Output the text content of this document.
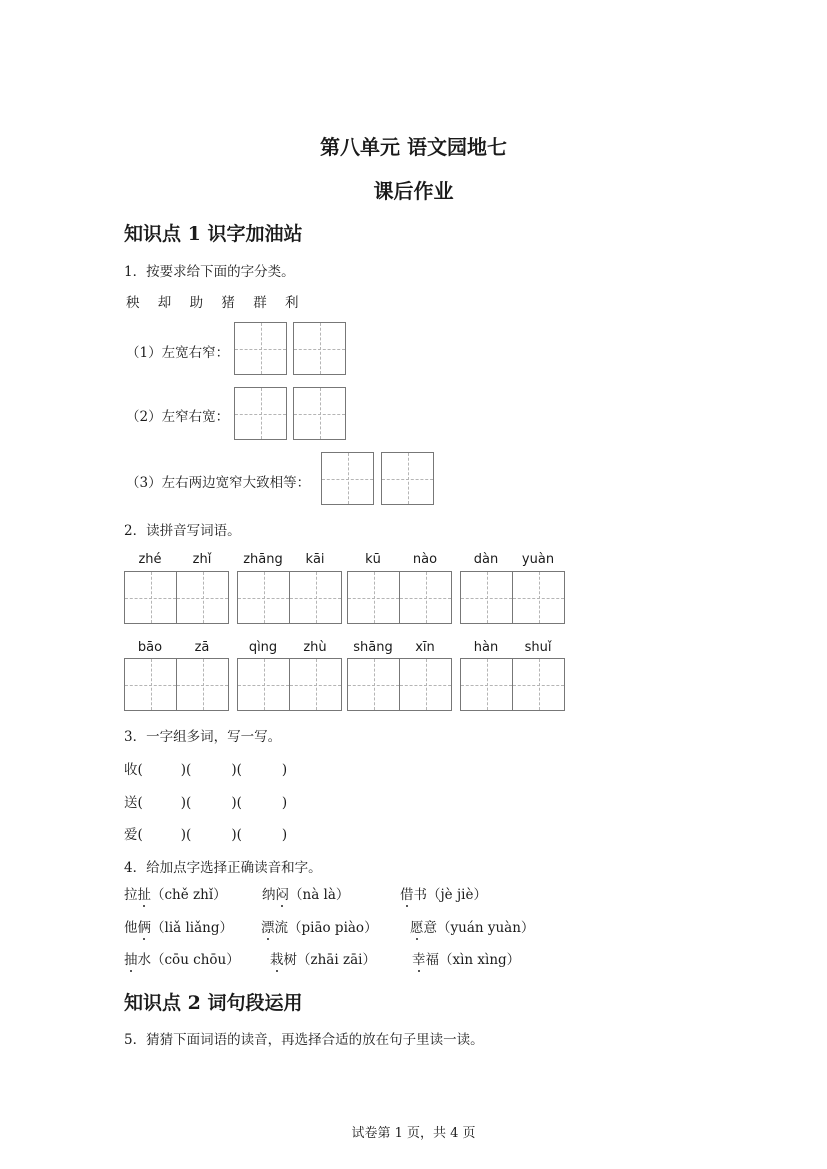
第八单元 语文园地七
课后作业
知识点 1 识字加油站
1．按要求给下面的字分类。
秧 却 助 猪 群 利
（1）左宽右窄：
（2）左窄右宽：
（3）左右两边宽窄大致相等：
2．读拼音写词语。
zhé	zhǐ	zhāng	kāi	kū	nào	dàn	yuàn
bāo	zā	qìng	zhù	shāng	xīn	hàn	shuǐ
3．一字组多词，写一写。
收(	)(	)(	)
送(	)(	)(	)
爱(	)(	)(	)
4．给加点字选择正确读音和字。
拉扯（chě zhǐ）	纳闷（nà là）	借书（jè jiè）
他俩（liǎ liǎng） 漂流（piāo piào） 愿意（yuán yuàn）
抽水（cōu chōu） 栽树（zhāi zāi）	幸福（xìn xìng）
知识点 2 词句段运用
5．猜猜下面词语的读音，再选择合适的放在句子里读一读。
试卷第 1 页，共 4 页
